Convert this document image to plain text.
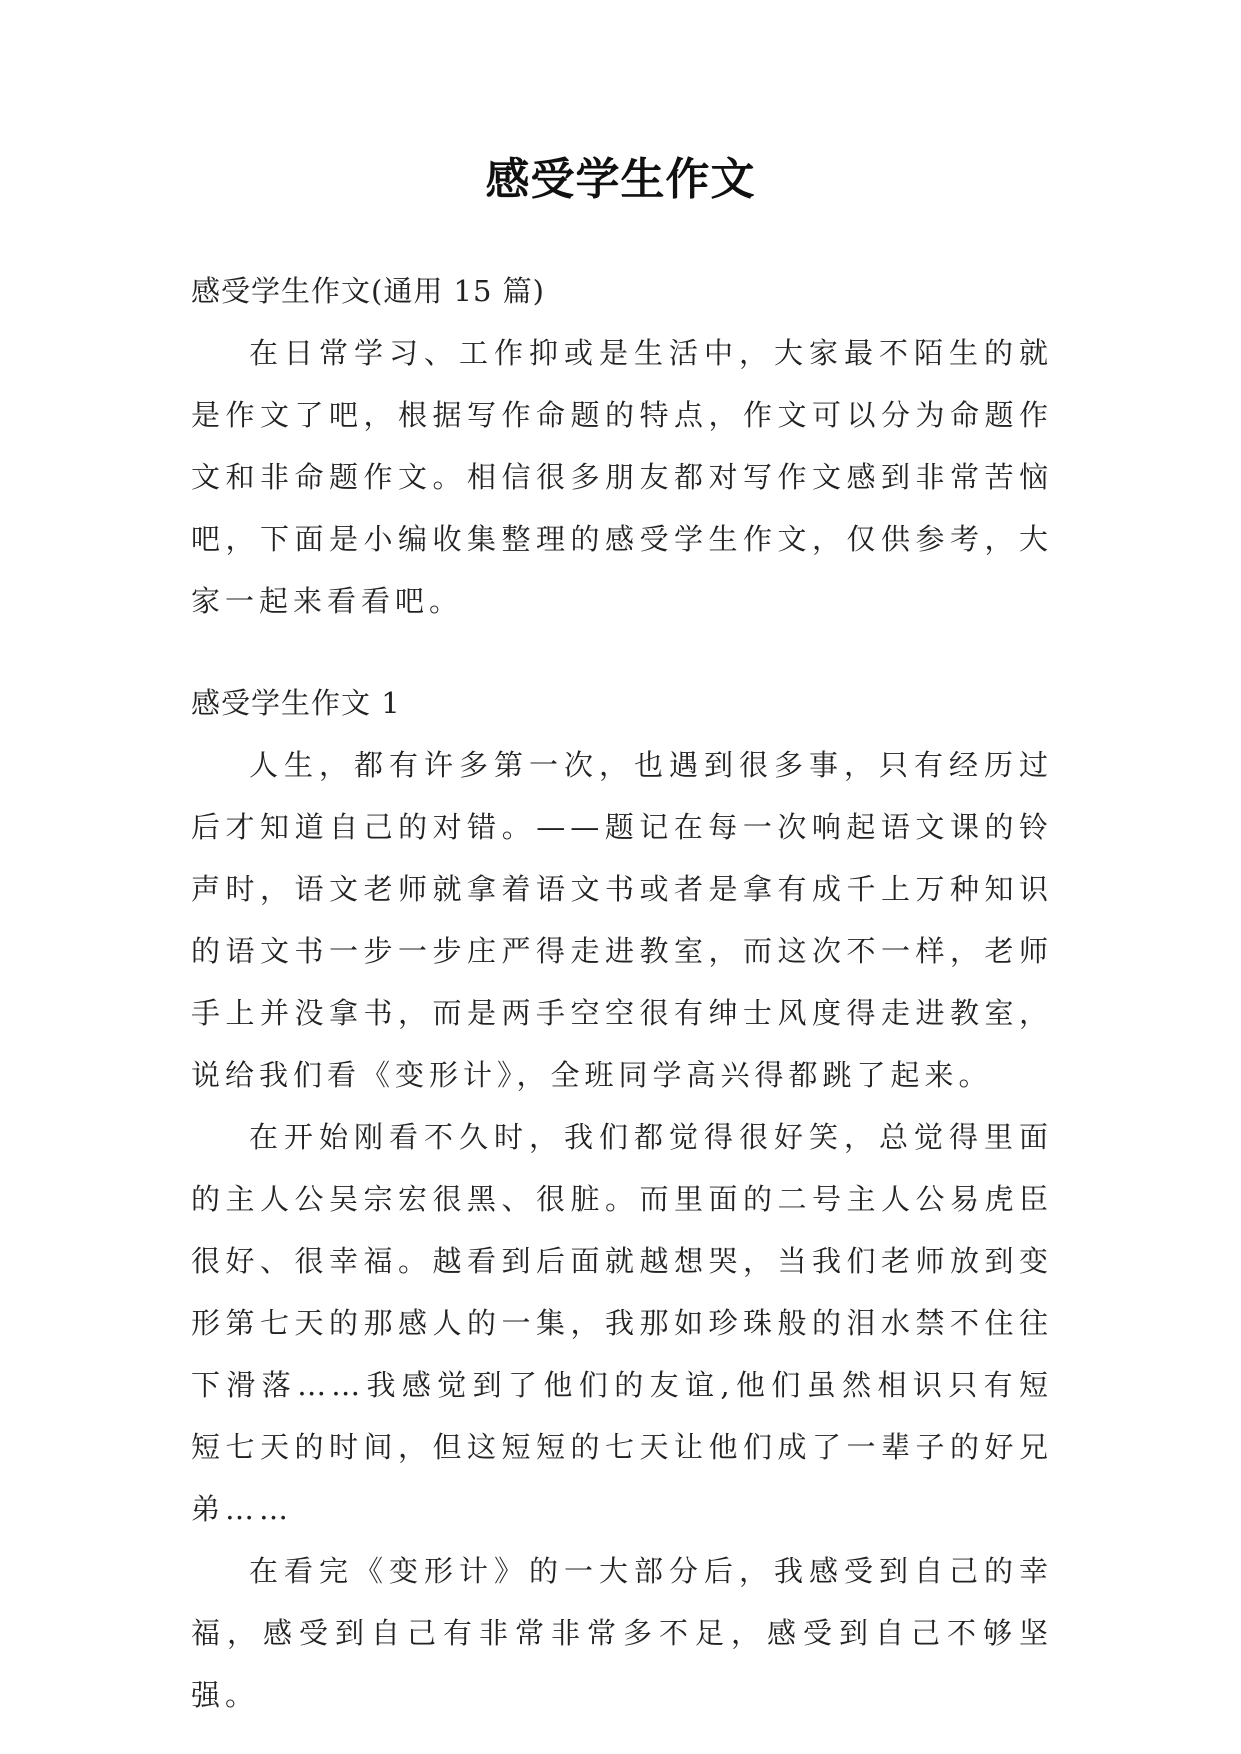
感受学生作文
感受学生作文(通用 15 篇)

在日常学习、工作抑或是生活中，大家最不陌生的就是作文了吧，根据写作命题的特点，作文可以分为命题作文和非命题作文。相信很多朋友都对写作文感到非常苦恼吧，下面是小编收集整理的感受学生作文，仅供参考，大家一起来看看吧。

感受学生作文 1

人生，都有许多第一次，也遇到很多事，只有经历过后才知道自己的对错。——题记在每一次响起语文课的铃声时，语文老师就拿着语文书或者是拿有成千上万种知识的语文书一步一步庄严得走进教室，而这次不一样，老师手上并没拿书，而是两手空空很有绅士风度得走进教室，说给我们看《变形计》，全班同学高兴得都跳了起来。

在开始刚看不久时，我们都觉得很好笑，总觉得里面的主人公吴宗宏很黑、很脏。而里面的二号主人公易虎臣很好、很幸福。越看到后面就越想哭，当我们老师放到变形第七天的那感人的一集，我那如珍珠般的泪水禁不住往下滑落……我感觉到了他们的友谊,他们虽然相识只有短短七天的时间，但这短短的七天让他们成了一辈子的好兄弟……

在看完《变形计》的一大部分后，我感受到自己的幸福，感受到自己有非常非常多不足，感受到自己不够坚强。
